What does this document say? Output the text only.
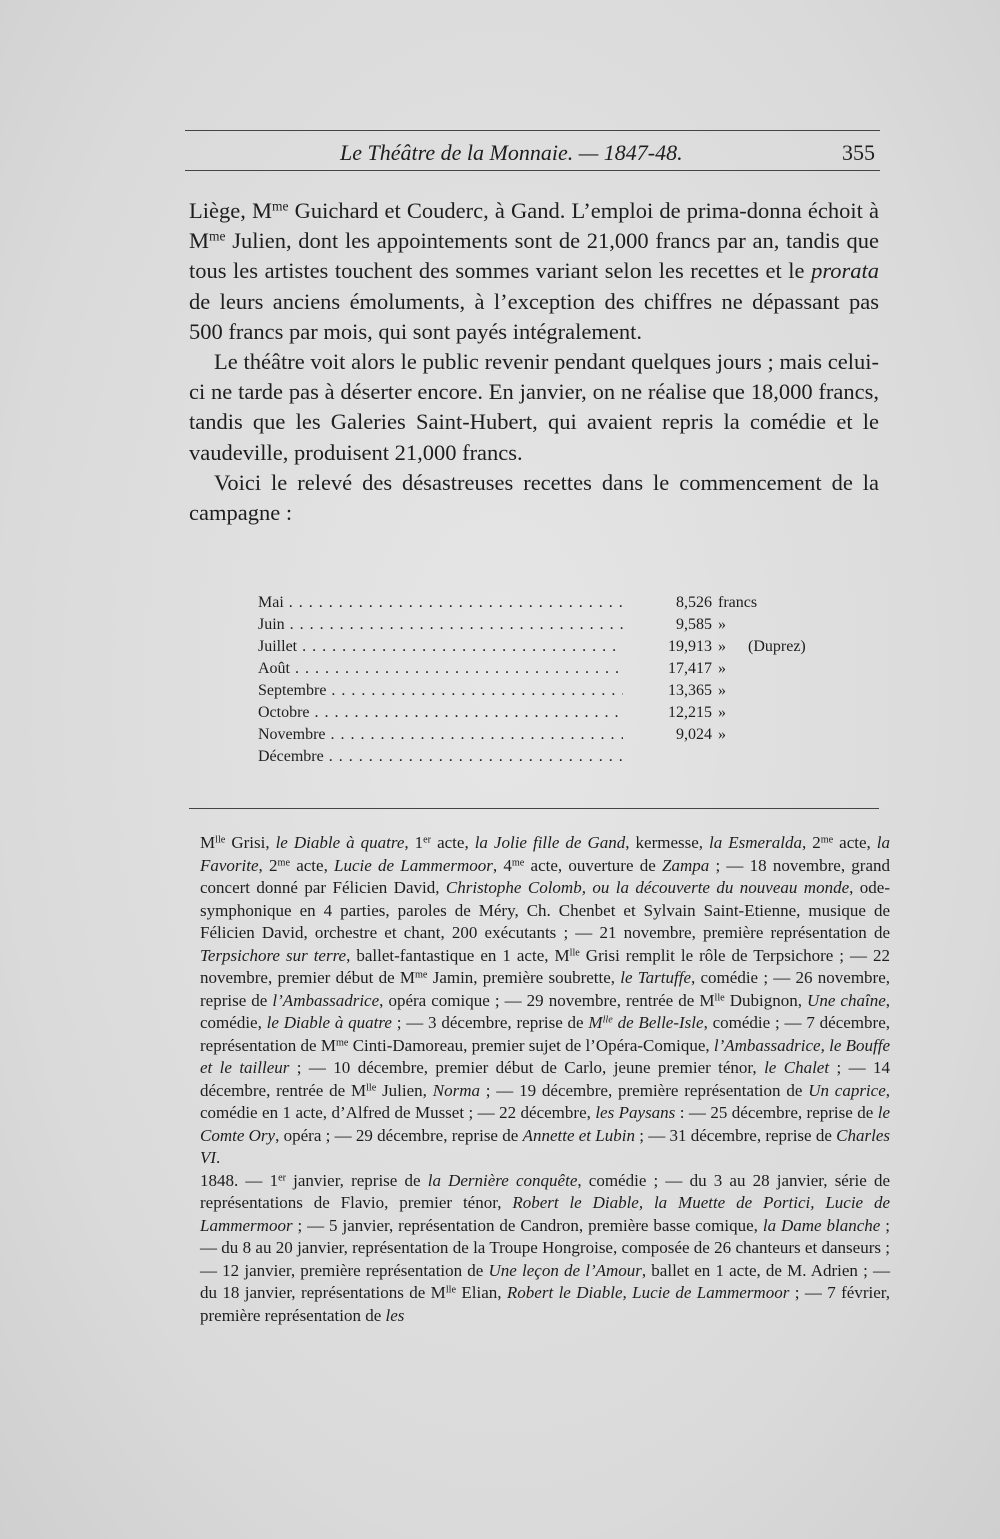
Le Théâtre de la Monnaie. — 1847-48.	355

Liège, $M^{me}$ Guichard et Couderc, à Gand. L’emploi de prima-donna échoit à $M^{me}$ Julien, dont les appointements sont de 21,000 francs par an, tandis que tous les artistes touchent des sommes variant selon les recettes et le prorata de leurs anciens émoluments, à l’exception des chiffres ne dépassant pas 500 francs par mois, qui sont payés intégralement.

Le théâtre voit alors le public revenir pendant quelques jours ; mais celui-ci ne tarde pas à déserter encore. En janvier, on ne réalise que 18,000 francs, tandis que les Galeries Saint-Hubert, qui avaient repris la comédie et le vaudeville, produisent 21,000 francs.

Voici le relevé des désastreuses recettes dans le commencement de la campagne :

Mai . . .	8,526 francs
Juin . . .	9,585 »
Juillet . . .	19,913 » (Duprez)
Août . . .	17,417 »
Septembre . . .	13,365 »
Octobre . . .	12,215 »
Novembre . . .	9,024 »
Décembre . . .

$M^{lle}$ Grisi, le Diable à quatre, 1er acte, la Jolie fille de Gand, kermesse, la Esmeralda, $2^{me}$ acte, la Favorite, $2^{me}$ acte, Lucie de Lammermoor, $4^{me}$ acte, ouverture de Zampa ; — 18 novembre, grand concert donné par Félicien David, Christophe Colomb, ou la découverte du nouveau monde, ode-symphonique en 4 parties, paroles de Méry, Ch. Chenbet et Sylvain Saint-Etienne, musique de Félicien David, orchestre et chant, 200 exécutants ; — 21 novembre, première représentation de Terpsichore sur terre, ballet-fantastique en 1 acte, $M^{lle}$ Grisi remplit le rôle de Terpsichore ; — 22 novembre, premier début de $M^{me}$ Jamin, première soubrette, le Tartuffe, comédie ; — 26 novembre, reprise de l’Ambassadrice, opéra comique ; — 29 novembre, rentrée de $M^{lle}$ Dubignon, Une chaîne, comédie, le Diable à quatre ; — 3 décembre, reprise de $M^{lle}$ de Belle-Isle, comédie ; — 7 décembre, représentation de $M^{me}$ Cinti-Damoreau, premier sujet de l’Opéra-Comique, l’Ambassadrice, le Bouffe et le tailleur ; — 10 décembre, premier début de Carlo, jeune premier ténor, le Chalet ; — 14 décembre, rentrée de $M^{lle}$ Julien, Norma ; — 19 décembre, première représentation de Un caprice, comédie en 1 acte, d’Alfred de Musset ; — 22 décembre, les Paysans : — 25 décembre, reprise de le Comte Ory, opéra ; — 29 décembre, reprise de Annette et Lubin ; — 31 décembre, reprise de Charles VI.

1848. — 1er janvier, reprise de la Dernière conquête, comédie ; — du 3 au 28 janvier, série de représentations de Flavio, premier ténor, Robert le Diable, la Muette de Portici, Lucie de Lammermoor ; — 5 janvier, représentation de Candron, première basse comique, la Dame blanche ; — du 8 au 20 janvier, représentation de la Troupe Hongroise, composée de 26 chanteurs et danseurs ; — 12 janvier, première représentation de Une leçon de l’Amour, ballet en 1 acte, de M. Adrien ; — du 18 janvier, représentations de $M^{lle}$ Elian, Robert le Diable, Lucie de Lammermoor ; — 7 février, première représentation de les
